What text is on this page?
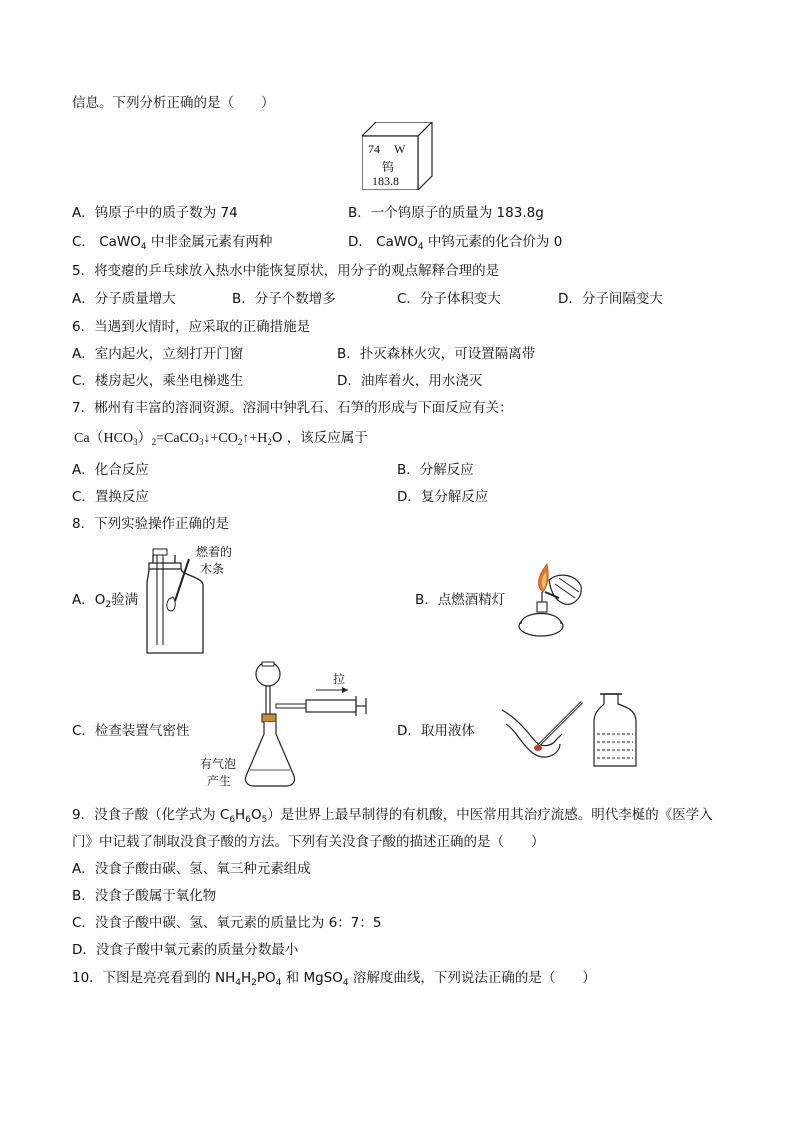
信息。下列分析正确的是（　　）
74 W
钨
183.8
A．钨原子中的质子数为 74	B．一个钨原子的质量为 183.8g
C． CaWO$_4$ 中非金属元素有两种	D． CaWO$_4$ 中钨元素的化合价为 0
5．将变瘪的乒乓球放入热水中能恢复原状，用分子的观点解释合理的是
A．分子质量增大	B．分子个数增多	C．分子体积变大	D．分子间隔变大
6．当遇到火情时，应采取的正确措施是
A．室内起火，立刻打开门窗	B．扑灭森林火灾，可设置隔离带
C．楼房起火，乘坐电梯逃生	D．油库着火，用水浇灭
7．郴州有丰富的溶洞资源。溶洞中钟乳石、石笋的形成与下面反应有关：
$Ca(HCO_3)_2=CaCO_3↓+CO_2↑+H_2O$ ，该反应属于
A．化合反应	B．分解反应
C．置换反应	D．复分解反应
8．下列实验操作正确的是
A．$O_2$验满	B．点燃酒精灯
C．检查装置气密性	D．取用液体
燃着的
木条
拉
有气泡
产生
9．没食子酸（化学式为 $C_6H_6O_5$）是世界上最早制得的有机酸，中医常用其治疗流感。明代李梴的《医学入
门》中记载了制取没食子酸的方法。下列有关没食子酸的描述正确的是（　　）
A．没食子酸由碳、氢、氧三种元素组成
B．没食子酸属于氧化物
C．没食子酸中碳、氢、氧元素的质量比为 6：7：5
D．没食子酸中氧元素的质量分数最小
10．下图是亮亮看到的 $NH_4H_2PO_4$ 和 MgSO$_4$ 溶解度曲线，下列说法正确的是（　　）
